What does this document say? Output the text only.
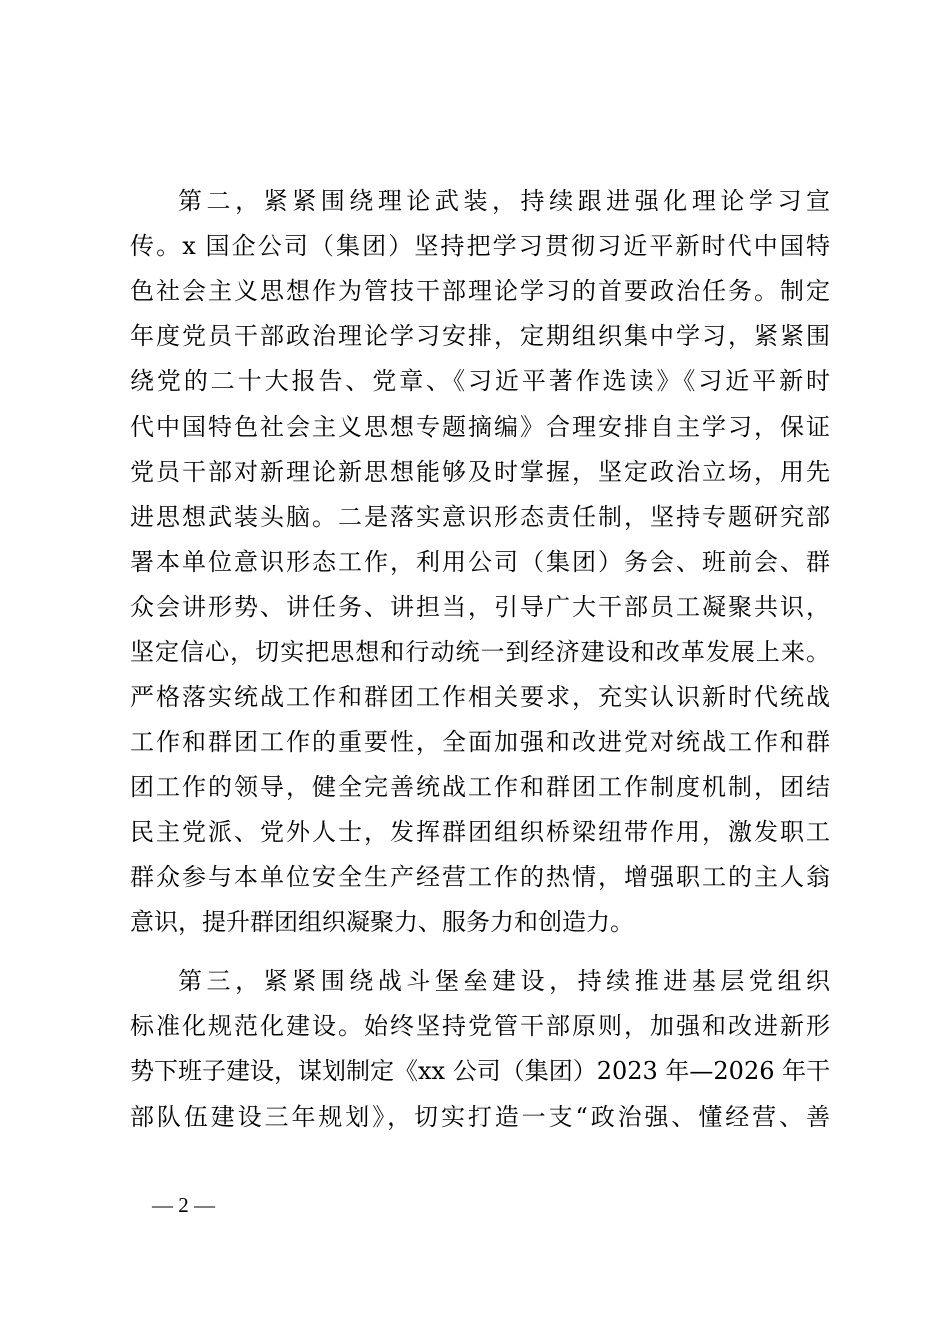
第二，紧紧围绕理论武装，持续跟进强化理论学习宣
传。x 国企公司（集团）坚持把学习贯彻习近平新时代中国特
色社会主义思想作为管技干部理论学习的首要政治任务。制定
年度党员干部政治理论学习安排，定期组织集中学习，紧紧围
绕党的二十大报告、党章、《习近平著作选读》《习近平新时
代中国特色社会主义思想专题摘编》合理安排自主学习，保证
党员干部对新理论新思想能够及时掌握，坚定政治立场，用先
进思想武装头脑。二是落实意识形态责任制，坚持专题研究部
署本单位意识形态工作，利用公司（集团）务会、班前会、群
众会讲形势、讲任务、讲担当，引导广大干部员工凝聚共识，
坚定信心，切实把思想和行动统一到经济建设和改革发展上来。
严格落实统战工作和群团工作相关要求，充实认识新时代统战
工作和群团工作的重要性，全面加强和改进党对统战工作和群
团工作的领导，健全完善统战工作和群团工作制度机制，团结
民主党派、党外人士，发挥群团组织桥梁纽带作用，激发职工
群众参与本单位安全生产经营工作的热情，增强职工的主人翁
意识，提升群团组织凝聚力、服务力和创造力。
第三，紧紧围绕战斗堡垒建设，持续推进基层党组织
标准化规范化建设。始终坚持党管干部原则，加强和改进新形
势下班子建设，谋划制定《xx 公司（集团）2023 年—2026 年干
部队伍建设三年规划》，切实打造一支“政治强、懂经营、善
— 2 —
